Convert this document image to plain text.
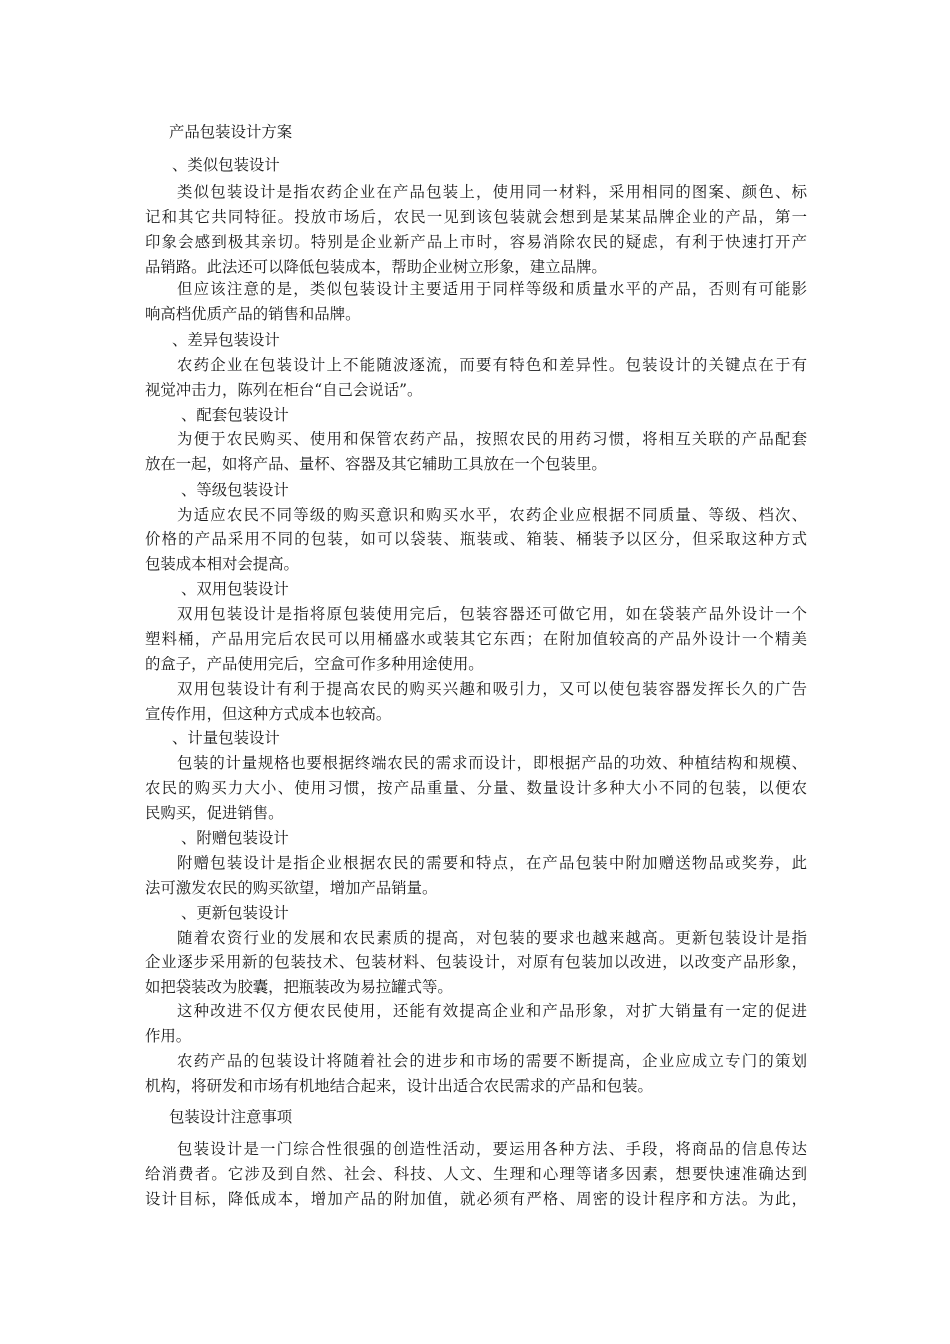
产品包装设计方案
、类似包装设计
类似包装设计是指农药企业在产品包装上，使用同一材料，采用相同的图案、颜色、标
记和其它共同特征。投放市场后，农民一见到该包装就会想到是某某品牌企业的产品，第一
印象会感到极其亲切。特别是企业新产品上市时，容易消除农民的疑虑，有利于快速打开产
品销路。此法还可以降低包装成本，帮助企业树立形象，建立品牌。
但应该注意的是，类似包装设计主要适用于同样等级和质量水平的产品，否则有可能影
响高档优质产品的销售和品牌。
、差异包装设计
农药企业在包装设计上不能随波逐流，而要有特色和差异性。包装设计的关键点在于有
视觉冲击力，陈列在柜台“自己会说话”。
、配套包装设计
为便于农民购买、使用和保管农药产品，按照农民的用药习惯，将相互关联的产品配套
放在一起，如将产品、量杯、容器及其它辅助工具放在一个包装里。
、等级包装设计
为适应农民不同等级的购买意识和购买水平，农药企业应根据不同质量、等级、档次、
价格的产品采用不同的包装，如可以袋装、瓶装或、箱装、桶装予以区分，但采取这种方式
包装成本相对会提高。
、双用包装设计
双用包装设计是指将原包装使用完后，包装容器还可做它用，如在袋装产品外设计一个
塑料桶，产品用完后农民可以用桶盛水或装其它东西；在附加值较高的产品外设计一个精美
的盒子，产品使用完后，空盒可作多种用途使用。
双用包装设计有利于提高农民的购买兴趣和吸引力，又可以使包装容器发挥长久的广告
宣传作用，但这种方式成本也较高。
、计量包装设计
包装的计量规格也要根据终端农民的需求而设计，即根据产品的功效、种植结构和规模、
农民的购买力大小、使用习惯，按产品重量、分量、数量设计多种大小不同的包装，以便农
民购买，促进销售。
、附赠包装设计
附赠包装设计是指企业根据农民的需要和特点，在产品包装中附加赠送物品或奖券，此
法可激发农民的购买欲望，增加产品销量。
、更新包装设计
随着农资行业的发展和农民素质的提高，对包装的要求也越来越高。更新包装设计是指
企业逐步采用新的包装技术、包装材料、包装设计，对原有包装加以改进，以改变产品形象，
如把袋装改为胶囊，把瓶装改为易拉罐式等。
这种改进不仅方便农民使用，还能有效提高企业和产品形象，对扩大销量有一定的促进
作用。
农药产品的包装设计将随着社会的进步和市场的需要不断提高，企业应成立专门的策划
机构，将研发和市场有机地结合起来，设计出适合农民需求的产品和包装。
包装设计注意事项
包装设计是一门综合性很强的创造性活动，要运用各种方法、手段，将商品的信息传达
给消费者。它涉及到自然、社会、科技、人文、生理和心理等诸多因素，想要快速准确达到
设计目标，降低成本，增加产品的附加值，就必须有严格、周密的设计程序和方法。为此，
